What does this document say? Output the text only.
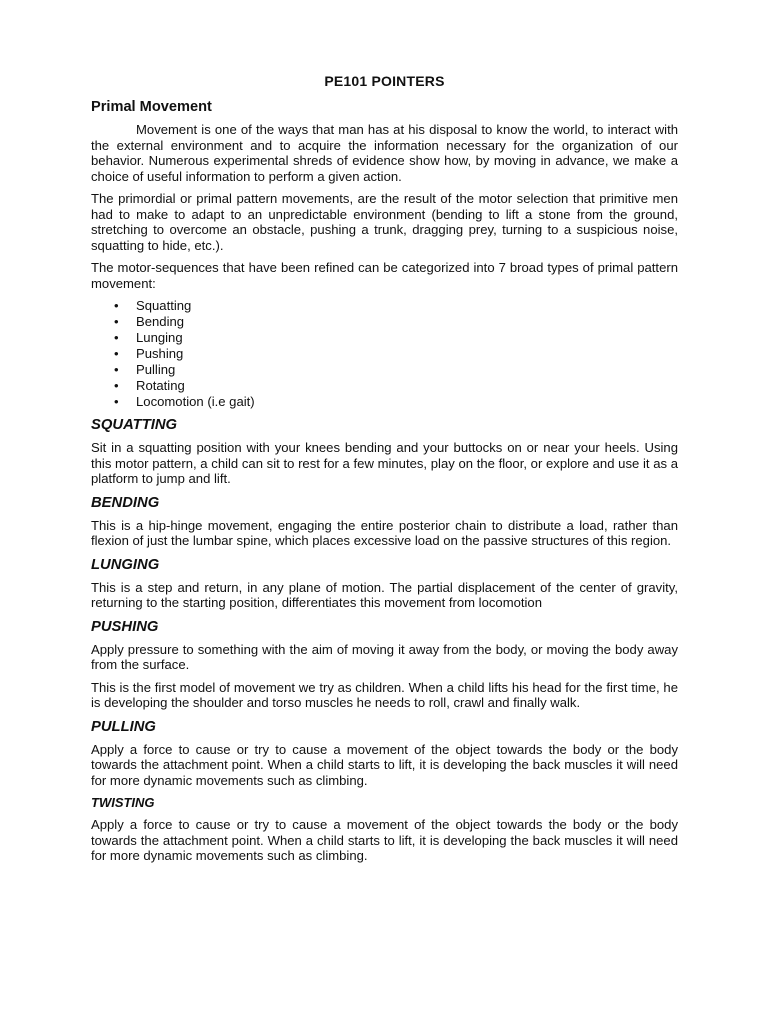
PE101 POINTERS
Primal Movement

Movement is one of the ways that man has at his disposal to know the world, to interact with the external environment and to acquire the information necessary for the organization of our behavior. Numerous experimental shreds of evidence show how, by moving in advance, we make a choice of useful information to perform a given action.

The primordial or primal pattern movements, are the result of the motor selection that primitive men had to make to adapt to an unpredictable environment (bending to lift a stone from the ground, stretching to overcome an obstacle, pushing a trunk, dragging prey, turning to a suspicious noise, squatting to hide, etc.).

The motor-sequences that have been refined can be categorized into 7 broad types of primal pattern movement:

• Squatting
• Bending
• Lunging
• Pushing
• Pulling
• Rotating
• Locomotion (i.e gait)
SQUATTING

Sit in a squatting position with your knees bending and your buttocks on or near your heels. Using this motor pattern, a child can sit to rest for a few minutes, play on the floor, or explore and use it as a platform to jump and lift.

BENDING

This is a hip-hinge movement, engaging the entire posterior chain to distribute a load, rather than flexion of just the lumbar spine, which places excessive load on the passive structures of this region.

LUNGING

This is a step and return, in any plane of motion. The partial displacement of the center of gravity, returning to the starting position, differentiates this movement from locomotion

PUSHING

Apply pressure to something with the aim of moving it away from the body, or moving the body away from the surface.

This is the first model of movement we try as children. When a child lifts his head for the first time, he is developing the shoulder and torso muscles he needs to roll, crawl and finally walk.

PULLING

Apply a force to cause or try to cause a movement of the object towards the body or the body towards the attachment point. When a child starts to lift, it is developing the back muscles it will need for more dynamic movements such as climbing.

TWISTING

Apply a force to cause or try to cause a movement of the object towards the body or the body towards the attachment point. When a child starts to lift, it is developing the back muscles it will need for more dynamic movements such as climbing.
